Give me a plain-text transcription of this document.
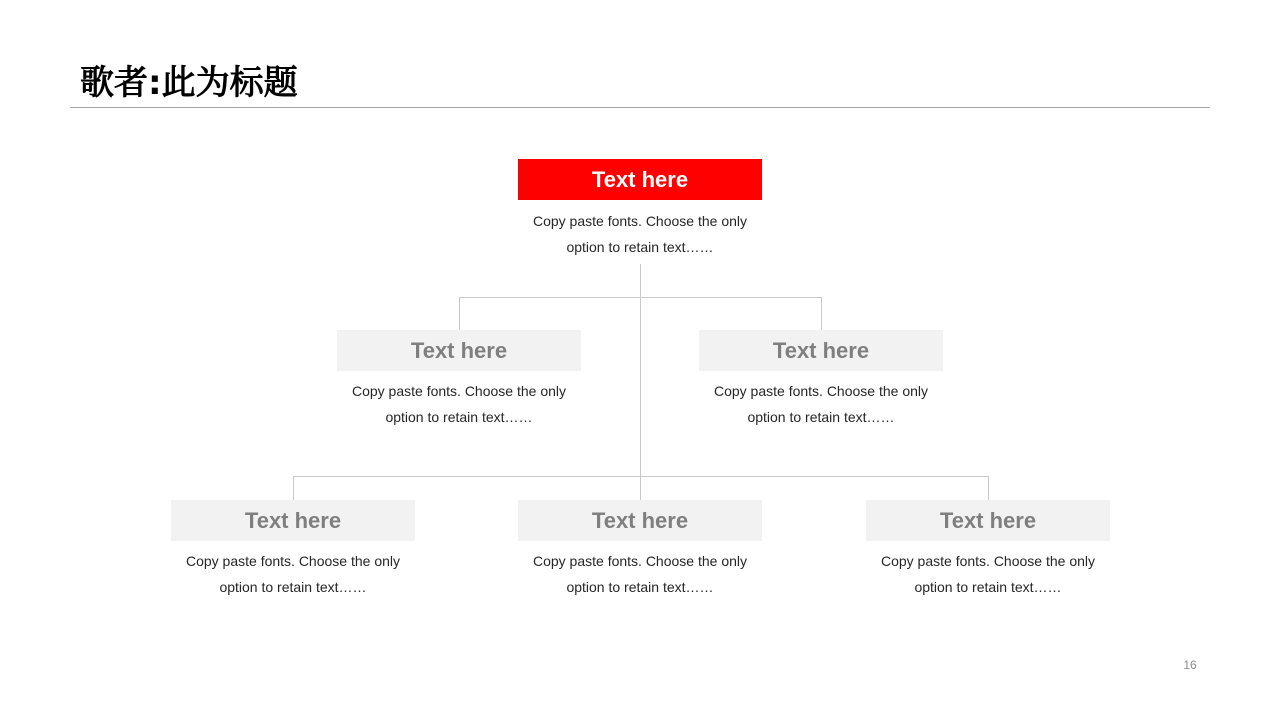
歌者:此为标题
Text here
Copy paste fonts. Choose the only
option to retain text……
Text here
Copy paste fonts. Choose the only
option to retain text……
Text here
Copy paste fonts. Choose the only
option to retain text……
Text here
Copy paste fonts. Choose the only
option to retain text……
Text here
Copy paste fonts. Choose the only
option to retain text……
Text here
Copy paste fonts. Choose the only
option to retain text……
16
